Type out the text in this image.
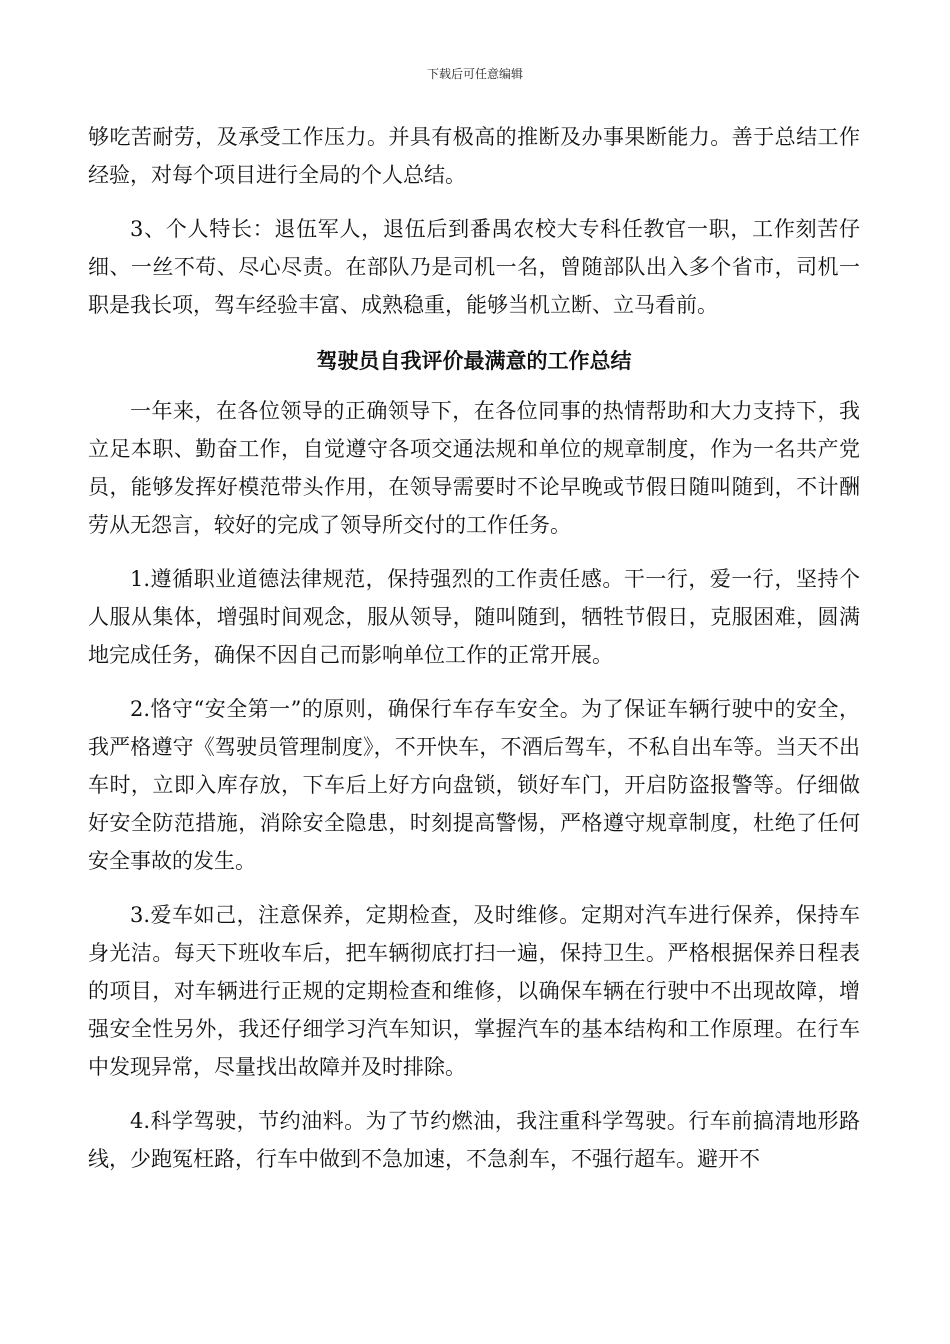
下载后可任意编辑

够吃苦耐劳，及承受工作压力。并具有极高的推断及办事果断能力。善于总结工作经验，对每个项目进行全局的个人总结。

3、个人特长：退伍军人，退伍后到番禺农校大专科任教官一职，工作刻苦仔细、一丝不苟、尽心尽责。在部队乃是司机一名，曾随部队出入多个省市，司机一职是我长项，驾车经验丰富、成熟稳重，能够当机立断、立马看前。

驾驶员自我评价最满意的工作总结

一年来，在各位领导的正确领导下，在各位同事的热情帮助和大力支持下，我立足本职、勤奋工作，自觉遵守各项交通法规和单位的规章制度，作为一名共产党员，能够发挥好模范带头作用，在领导需要时不论早晚或节假日随叫随到，不计酬劳从无怨言，较好的完成了领导所交付的工作任务。

1.遵循职业道德法律规范，保持强烈的工作责任感。干一行，爱一行，坚持个人服从集体，增强时间观念，服从领导，随叫随到，牺牲节假日，克服困难，圆满地完成任务，确保不因自己而影响单位工作的正常开展。

2.恪守“安全第一”的原则，确保行车存车安全。为了保证车辆行驶中的安全，我严格遵守《驾驶员管理制度》，不开快车，不酒后驾车，不私自出车等。当天不出车时，立即入库存放，下车后上好方向盘锁，锁好车门，开启防盗报警等。仔细做好安全防范措施，消除安全隐患，时刻提高警惕，严格遵守规章制度，杜绝了任何安全事故的发生。

3.爱车如己，注意保养，定期检查，及时维修。定期对汽车进行保养，保持车身光洁。每天下班收车后，把车辆彻底打扫一遍，保持卫生。严格根据保养日程表的项目，对车辆进行正规的定期检查和维修，以确保车辆在行驶中不出现故障，增强安全性另外，我还仔细学习汽车知识，掌握汽车的基本结构和工作原理。在行车中发现异常，尽量找出故障并及时排除。

4.科学驾驶，节约油料。为了节约燃油，我注重科学驾驶。行车前搞清地形路线，少跑冤枉路，行车中做到不急加速，不急刹车，不强行超车。避开不
